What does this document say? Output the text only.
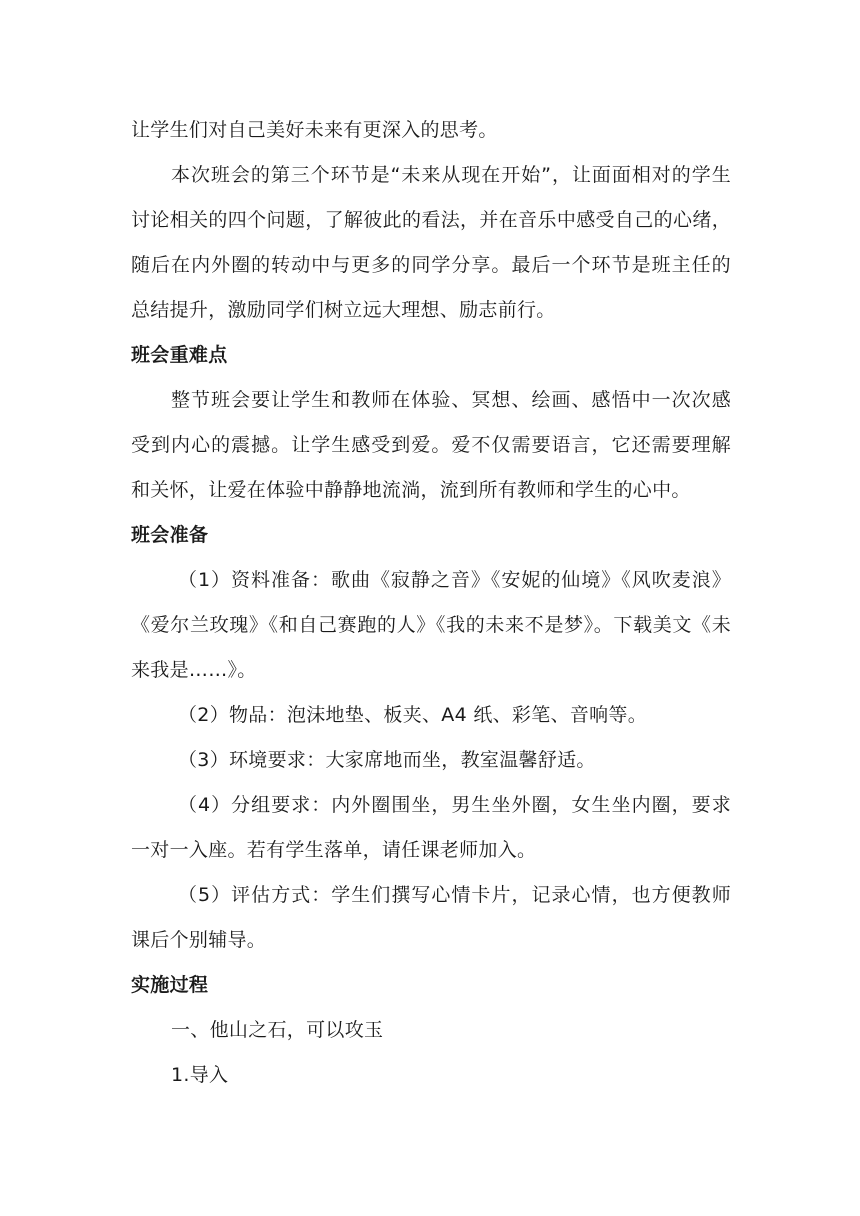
让学生们对自己美好未来有更深入的思考。
本次班会的第三个环节是“未来从现在开始”，让面面相对的学生
讨论相关的四个问题，了解彼此的看法，并在音乐中感受自己的心绪，
随后在内外圈的转动中与更多的同学分享。最后一个环节是班主任的
总结提升，激励同学们树立远大理想、励志前行。
班会重难点
整节班会要让学生和教师在体验、冥想、绘画、感悟中一次次感
受到内心的震撼。让学生感受到爱。爱不仅需要语言，它还需要理解
和关怀，让爱在体验中静静地流淌，流到所有教师和学生的心中。
班会准备
（1）资料准备：歌曲《寂静之音》《安妮的仙境》《风吹麦浪》
《爱尔兰玫瑰》《和自己赛跑的人》《我的未来不是梦》。下载美文《未
来我是……》。
（2）物品：泡沫地垫、板夹、A4 纸、彩笔、音响等。
（3）环境要求：大家席地而坐，教室温馨舒适。
（4）分组要求：内外圈围坐，男生坐外圈，女生坐内圈，要求
一对一入座。若有学生落单，请任课老师加入。
（5）评估方式：学生们撰写心情卡片，记录心情，也方便教师
课后个别辅导。
实施过程
一、他山之石，可以攻玉
1.导入
